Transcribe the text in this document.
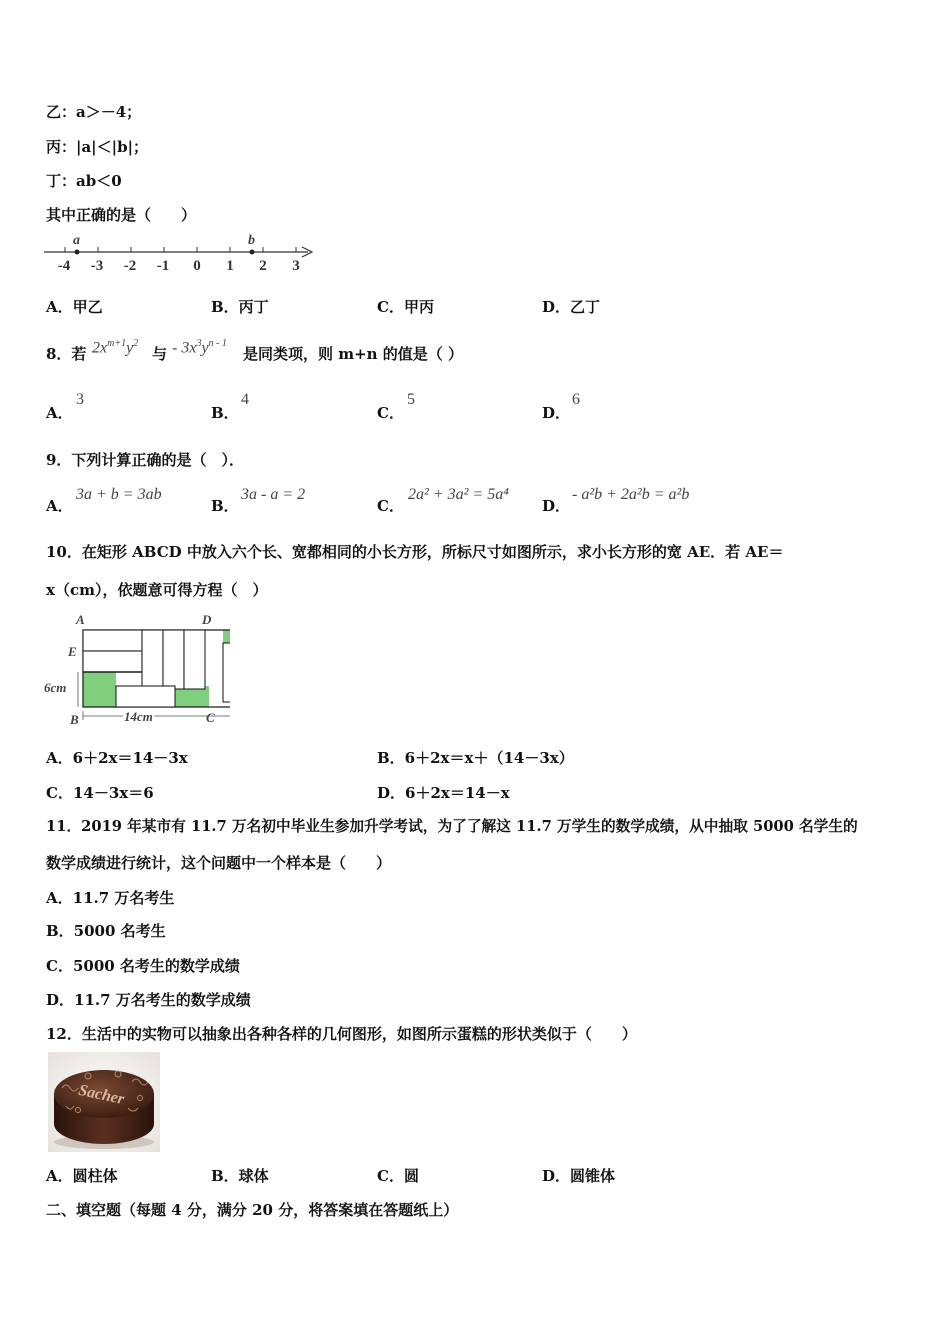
乙：a＞－4；
丙：|a|＜|b|；
丁：ab＜0
其中正确的是（　　）
a	b
-4 -3 -2 -1 0 1 2 3
A．甲乙	B．丙丁	C．甲丙	D．乙丁
8．若 $2x^{m+1}y^2$
与 - $3x^3y^{n - 1}$
是同类项，则 m+n 的值是（ ）
A．
3
B．
4
C．
5
D．
6
9．下列计算正确的是（　）．
A．
3a + b = 3ab
B．
3a - a = 2
C．
2a² + 3a² = 5a⁴
D．
- a²b + 2a²b = a²b
10．在矩形 ABCD 中放入六个长、宽都相同的小长方形，所标尺寸如图所示，求小长方形的宽 AE．若 AE＝
x（cm），依题意可得方程（　）
A	D
E
B	C
6cm
14cm
A．6＋2x＝14－3x	B．6＋2x＝x＋（14－3x）
C．14－3x＝6	D．6＋2x＝14－x
11．2019 年某市有 11.7 万名初中毕业生参加升学考试，为了了解这 11.7 万学生的数学成绩，从中抽取 5000 名学生的
数学成绩进行统计，这个问题中一个样本是（　　）
A．11.7 万名考生
B．5000 名考生
C．5000 名考生的数学成绩
D．11.7 万名考生的数学成绩
12．生活中的实物可以抽象出各种各样的几何图形，如图所示蛋糕的形状类似于（　　）
Sacher
A．圆柱体	B．球体	C．圆	D．圆锥体
二、填空题（每题 4 分，满分 20 分，将答案填在答题纸上）
